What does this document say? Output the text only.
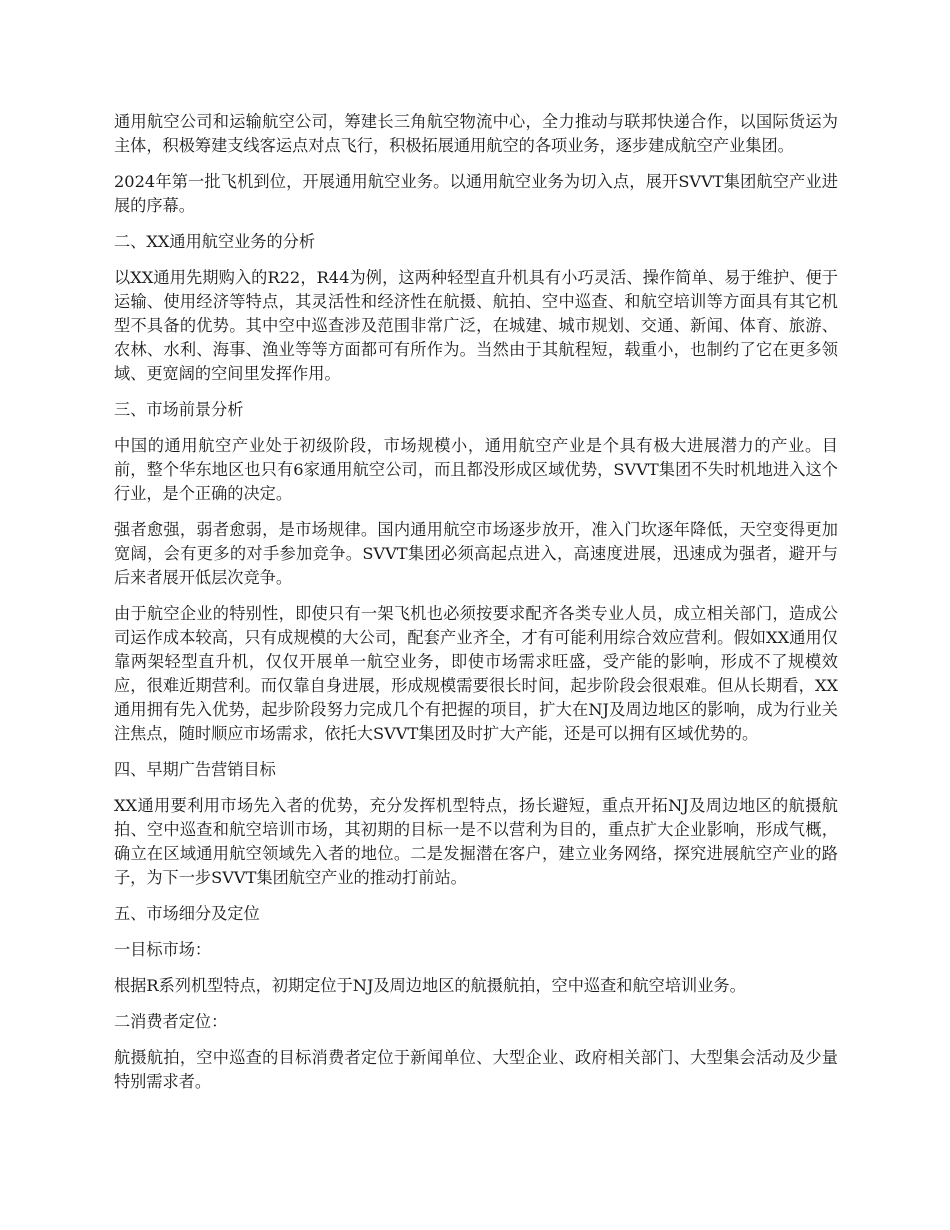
通用航空公司和运输航空公司，筹建长三角航空物流中心，全力推动与联邦快递合作，以国际货运为主体，积极筹建支线客运点对点飞行，积极拓展通用航空的各项业务，逐步建成航空产业集团。

2024年第一批飞机到位，开展通用航空业务。以通用航空业务为切入点，展开SVVT集团航空产业进展的序幕。

二、XX通用航空业务的分析

以XX通用先期购入的R22，R44为例，这两种轻型直升机具有小巧灵活、操作简单、易于维护、便于运输、使用经济等特点，其灵活性和经济性在航摄、航拍、空中巡查、和航空培训等方面具有其它机型不具备的优势。其中空中巡查涉及范围非常广泛，在城建、城市规划、交通、新闻、体育、旅游、农林、水利、海事、渔业等等方面都可有所作为。当然由于其航程短，载重小，也制约了它在更多领域、更宽阔的空间里发挥作用。

三、市场前景分析

中国的通用航空产业处于初级阶段，市场规模小，通用航空产业是个具有极大进展潜力的产业。目前，整个华东地区也只有6家通用航空公司，而且都没形成区域优势，SVVT集团不失时机地进入这个行业，是个正确的决定。

强者愈强，弱者愈弱，是市场规律。国内通用航空市场逐步放开，准入门坎逐年降低，天空变得更加宽阔，会有更多的对手参加竞争。SVVT集团必须高起点进入，高速度进展，迅速成为强者，避开与后来者展开低层次竞争。

由于航空企业的特别性，即使只有一架飞机也必须按要求配齐各类专业人员，成立相关部门，造成公司运作成本较高，只有成规模的大公司，配套产业齐全，才有可能利用综合效应营利。假如XX通用仅靠两架轻型直升机，仅仅开展单一航空业务，即使市场需求旺盛，受产能的影响，形成不了规模效应，很难近期营利。而仅靠自身进展，形成规模需要很长时间，起步阶段会很艰难。但从长期看，XX通用拥有先入优势，起步阶段努力完成几个有把握的项目，扩大在NJ及周边地区的影响，成为行业关注焦点，随时顺应市场需求，依托大SVVT集团及时扩大产能，还是可以拥有区域优势的。

四、早期广告营销目标

XX通用要利用市场先入者的优势，充分发挥机型特点，扬长避短，重点开拓NJ及周边地区的航摄航拍、空中巡查和航空培训市场，其初期的目标一是不以营利为目的，重点扩大企业影响，形成气概，确立在区域通用航空领域先入者的地位。二是发掘潜在客户，建立业务网络，探究进展航空产业的路子，为下一步SVVT集团航空产业的推动打前站。

五、市场细分及定位

一目标市场：

根据R系列机型特点，初期定位于NJ及周边地区的航摄航拍，空中巡查和航空培训业务。

二消费者定位：

航摄航拍，空中巡查的目标消费者定位于新闻单位、大型企业、政府相关部门、大型集会活动及少量特别需求者。
